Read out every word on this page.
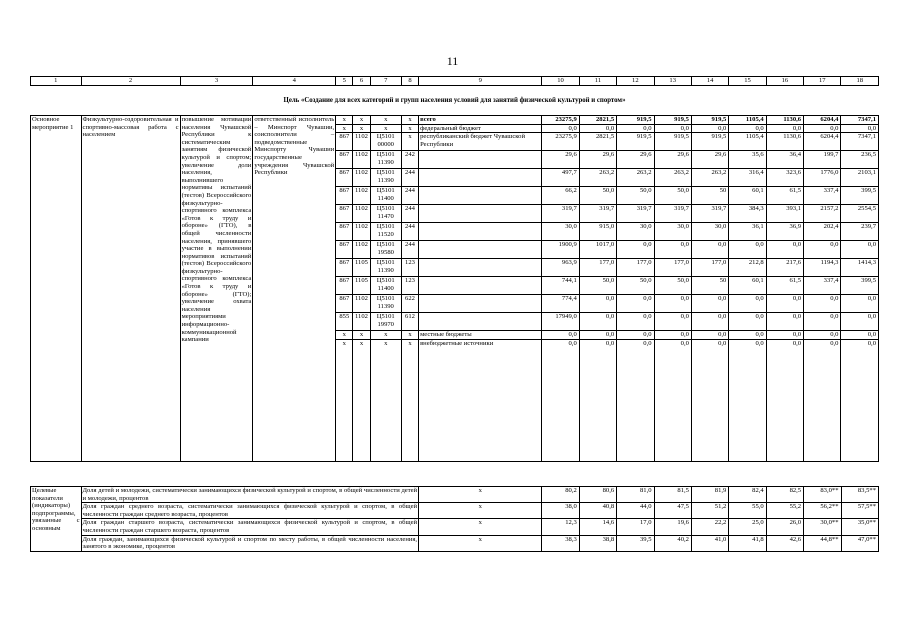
11
1	2	3	4	5	6	7	8	9	10	11	12	13	14	15	16	17	18
Цель «Создание для всех категорий и групп населения условий для занятий физической культурой и спортом»
Основное мероприятие 1	Физкультурно-оздоровительная и спортивно-массовая работа с населением	повышение мотивации населения Чувашской Республики к систематическим занятиям физической культурой и спортом; увеличение доли населения, выполнившего нормативы испытаний (тестов) Всероссийского физкультурно-спортивного комплекса «Готов к труду и обороне» (ГТО), в общей численности населения, принявшего участие в выполнении нормативов испытаний (тестов) Всероссийского физкультурно-спортивного комплекса «Готов к труду и обороне» (ГТО); увеличение охвата населения мероприятиями информационно-коммуникационной кампании	ответственный исполнитель – Минспорт Чувашии, соисполнители – подведомственные Минспорту Чувашии государственные учреждения Чувашской Республики	x	x	x	x	всего	23275,9	2821,5	919,5	919,5	919,5	1105,4	1130,6	6204,4	7347,1
				x	x	x	x	федеральный бюджет	0,0	0,0	0,0	0,0	0,0	0,0	0,0	0,0	0,0
				867	1102	Ц5101 00000	x	республиканский бюджет Чувашской Республики	23275,9	2821,5	919,5	919,5	919,5	1105,4	1130,6	6204,4	7347,1
				867	1102	Ц5101 11390	242		29,6	29,6	29,6	29,6	29,6	35,6	36,4	199,7	236,5
				867	1102	Ц5101 11390	244		497,7	263,2	263,2	263,2	263,2	316,4	323,6	1776,0	2103,1
				867	1102	Ц5101 11400	244		66,2	50,0	50,0	50,0	50	60,1	61,5	337,4	399,5
				867	1102	Ц5101 11470	244		319,7	319,7	319,7	319,7	319,7	384,3	393,1	2157,2	2554,5
				867	1102	Ц5101 11520	244		30,0	915,0	30,0	30,0	30,0	36,1	36,9	202,4	239,7
				867	1102	Ц5101 19580	244		1900,9	1017,0	0,0	0,0	0,0	0,0	0,0	0,0	0,0
				867	1105	Ц5101 11390	123		963,9	177,0	177,0	177,0	177,0	212,8	217,6	1194,3	1414,3
				867	1105	Ц5101 11400	123		744,1	50,0	50,0	50,0	50	60,1	61,5	337,4	399,5
				867	1102	Ц5101 11390	622		774,4	0,0	0,0	0,0	0,0	0,0	0,0	0,0	0,0
				855	1102	Ц5101 19970	612		17949,0	0,0	0,0	0,0	0,0	0,0	0,0	0,0	0,0
				x	x	x	x	местные бюджеты	0,0	0,0	0,0	0,0	0,0	0,0	0,0	0,0	0,0
				x	x	x	x	внебюджетные источники	0,0	0,0	0,0	0,0	0,0	0,0	0,0	0,0	0,0
Целевые показатели (индикаторы) подпрограммы, увязанные с основным	Доля детей и молодежи, систематически занимающихся физической культурой и спортом, в общей численности детей и молодежи, процентов	x	80,2	80,6	81,0	81,5	81,9	82,4	82,5	83,0**	83,5**
	Доля граждан среднего возраста, систематически занимающихся физической культурой и спортом, в общей численности граждан среднего возраста, процентов	x	38,0	40,8	44,0	47,5	51,2	55,0	55,2	56,2**	57,5**
	Доля граждан старшего возраста, систематически занимающихся физической культурой и спортом, в общей численности граждан старшего возраста, процентов	x	12,3	14,6	17,0	19,6	22,2	25,0	26,0	30,0**	35,0**
	Доля граждан, занимающихся физической культурой и спортом по месту работы, в общей численности населения, занятого в экономике, процентов	x	38,3	38,8	39,5	40,2	41,0	41,8	42,6	44,8**	47,0**
